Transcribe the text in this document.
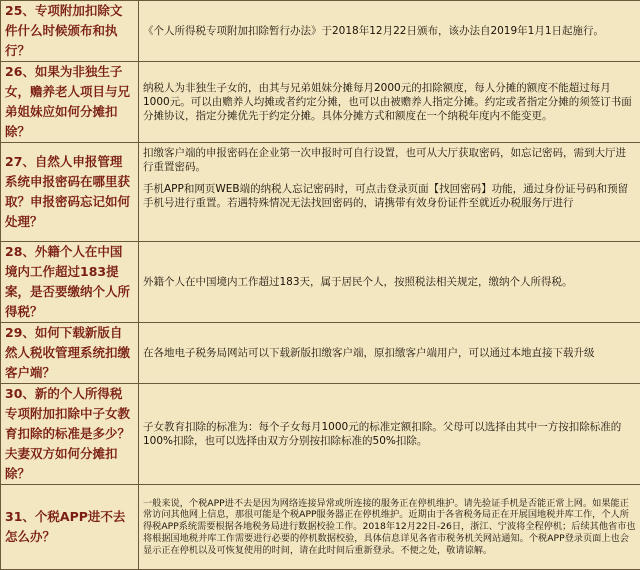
25、专项附加扣除文件什么时候颁布和执行？	《个人所得税专项附加扣除暂行办法》于2018年12月22日颁布，该办法自2019年1月1日起施行。
26、如果为非独生子女，赡养老人项目与兄弟姐妹应如何分摊扣除？	纳税人为非独生子女的，由其与兄弟姐妹分摊每月2000元的扣除额度，每人分摊的额度不能超过每月1000元。可以由赡养人均摊或者约定分摊，也可以由被赡养人指定分摊。约定或者指定分摊的须签订书面分摊协议，指定分摊优先于约定分摊。具体分摊方式和额度在一个纳税年度内不能变更。
27、自然人申报管理系统申报密码在哪里获取？申报密码忘记如何处理？	扣缴客户端的申报密码在企业第一次申报时可自行设置，也可从大厅获取密码，如忘记密码，需到大厅进行重置密码。
手机APP和网页WEB端的纳税人忘记密码时，可点击登录页面【找回密码】功能，通过身份证号码和预留手机号进行重置。若遇特殊情况无法找回密码的，请携带有效身份证件至就近办税服务厅进行

28、外籍个人在中国境内工作超过183提案，是否要缴纳个人所得税？	外籍个人在中国境内工作超过183天，属于居民个人，按照税法相关规定，缴纳个人所得税。
29、如何下载新版自然人税收管理系统扣缴客户端？	在各地电子税务局网站可以下载新版扣缴客户端，原扣缴客户端用户，可以通过本地直接下载升级
30、新的个人所得税专项附加扣除中子女教育扣除的标准是多少？夫妻双方如何分摊扣除？	子女教育扣除的标准为：每个子女每月1000元的标准定额扣除。父母可以选择由其中一方按扣除标准的100%扣除，也可以选择由双方分别按扣除标准的50%扣除。
31、个税APP进不去怎么办？	一般来说，个税APP进不去是因为网络连接异常或所连接的服务正在停机维护。请先验证手机是否能正常上网。如果能正常访问其他网上信息，那很可能是个税APP服务器正在停机维护。近期由于各省税务局正在开展国地税并库工作，个人所得税APP系统需要根据各地税务局进行数据校验工作。2018年12月22日-26日，浙江、宁波将全程停机；后续其他省市也将根据国地税并库工作需要进行必要的停机数据校验，具体信息详见各省市税务机关网站通知。个税APP登录页面上也会显示正在停机以及可恢复使用的时间，请在此时间后重新登录。不便之处，敬请谅解。
